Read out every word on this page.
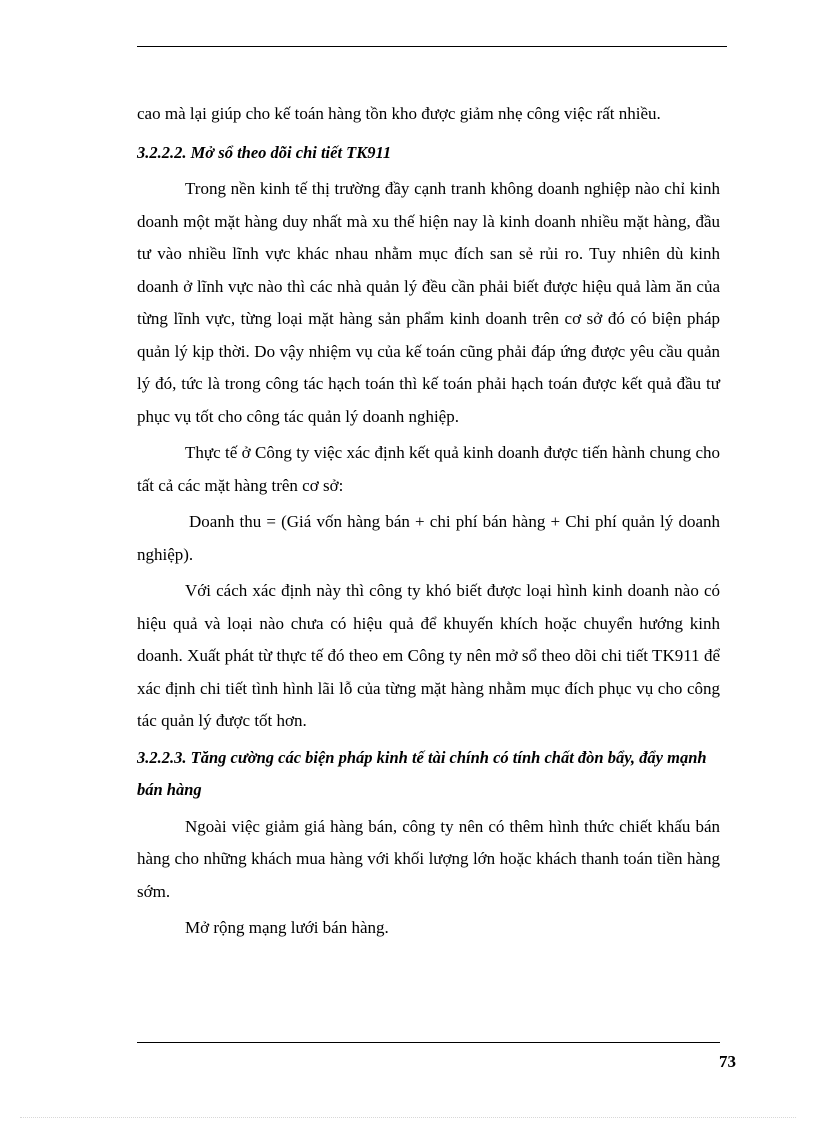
cao mà lại giúp cho kế toán hàng tồn kho được giảm nhẹ công việc rất nhiều.

3.2.2.2. Mở sổ theo dõi chi tiết TK911

Trong nền kinh tế thị trường đầy cạnh tranh không doanh nghiệp nào chỉ kinh doanh một mặt hàng duy nhất mà xu thế hiện nay là kinh doanh nhiều mặt hàng, đầu tư vào nhiều lĩnh vực khác nhau nhằm mục đích san sẻ rủi ro. Tuy nhiên dù kinh doanh ở lĩnh vực nào thì các nhà quản lý đều cần phải biết được hiệu quả làm ăn của từng lĩnh vực, từng loại mặt hàng sản phẩm kinh doanh trên cơ sở đó có biện pháp quản lý kịp thời. Do vậy nhiệm vụ của kế toán cũng phải đáp ứng được yêu cầu quản lý đó, tức là trong công tác hạch toán thì kế toán phải hạch toán được kết quả đầu tư phục vụ tốt cho công tác quản lý doanh nghiệp.

Thực tế ở Công ty việc xác định kết quả kinh doanh được tiến hành chung cho tất cả các mặt hàng trên cơ sở:

Doanh thu = (Giá vốn hàng bán + chi phí bán hàng + Chi phí quản lý doanh nghiệp).

Với cách xác định này thì công ty khó biết được loại hình kinh doanh nào có hiệu quả và loại nào chưa có hiệu quả để khuyến khích hoặc chuyển hướng kinh doanh. Xuất phát từ thực tế đó theo em Công ty nên mở sổ theo dõi chi tiết TK911 để xác định chi tiết tình hình lãi lỗ của từng mặt hàng nhằm mục đích phục vụ cho công tác quản lý được tốt hơn.

3.2.2.3. Tăng cường các biện pháp kinh tế tài chính có tính chất đòn bẩy, đẩy mạnh bán hàng

Ngoài việc giảm giá hàng bán, công ty nên có thêm hình thức chiết khấu bán hàng cho những khách mua hàng với khối lượng lớn hoặc khách thanh toán tiền hàng sớm.

Mở rộng mạng lưới bán hàng.

73
